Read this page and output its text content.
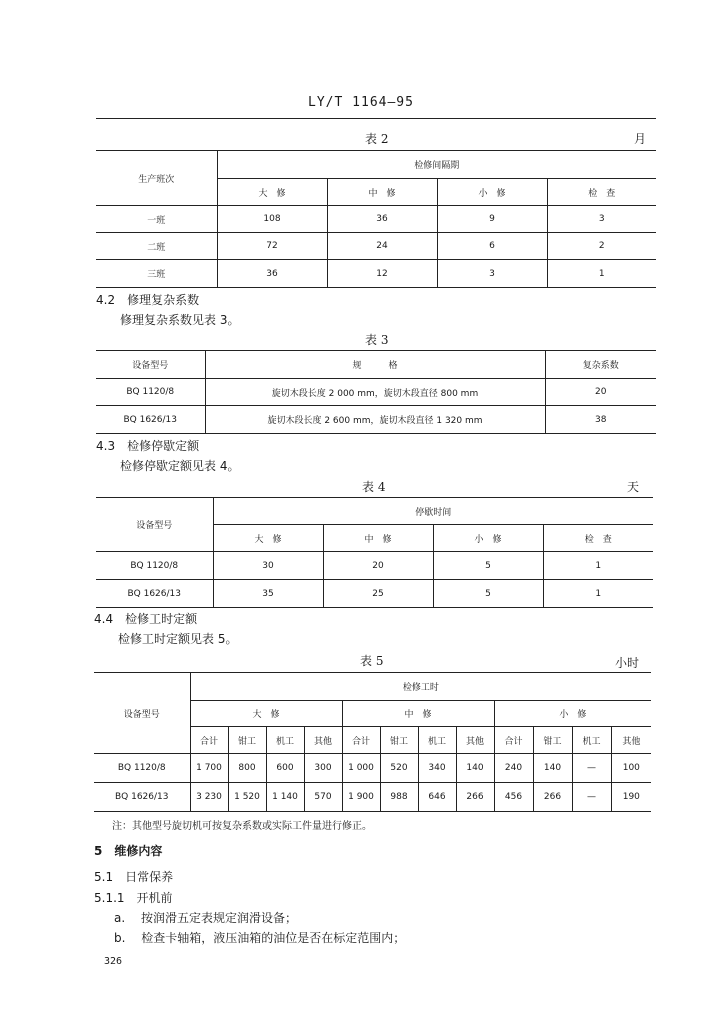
LY/T 1164—95
表 2	月
生产班次	检修间隔期			
	大　修	中　修	小　修	检　查
一班	108	36	9	3
二班	72	24	6	2
三班	36	12	3	1
4.2　修理复杂系数
修理复杂系数见表 3。
表 3
设备型号	规　　　格	复杂系数
BQ 1120/8	旋切木段长度 2 000 mm，旋切木段直径 800 mm	20
BQ 1626/13	旋切木段长度 2 600 mm，旋切木段直径 1 320 mm	38
4.3　检修停歇定额
检修停歇定额见表 4。
表 4	天
设备型号	停歇时间			
	大　修	中　修	小　修	检　查
BQ 1120/8	30	20	5	1
BQ 1626/13	35	25	5	1
4.4　检修工时定额
检修工时定额见表 5。
表 5	小时
设备型号	检修工时											
	大　修				中　修				小　修			
	合计	钳工	机工	其他	合计	钳工	机工	其他	合计	钳工	机工	其他
BQ 1120/8	1 700	800	600	300	1 000	520	340	140	240	140	—	100
BQ 1626/13	3 230	1 520	1 140	570	1 900	988	646	266	456	266	—	190
注：其他型号旋切机可按复杂系数或实际工件量进行修正。
5　维修内容
5.1　日常保养
5.1.1　开机前
a. 按润滑五定表规定润滑设备；
b. 检查卡轴箱，液压油箱的油位是否在标定范围内；
326
